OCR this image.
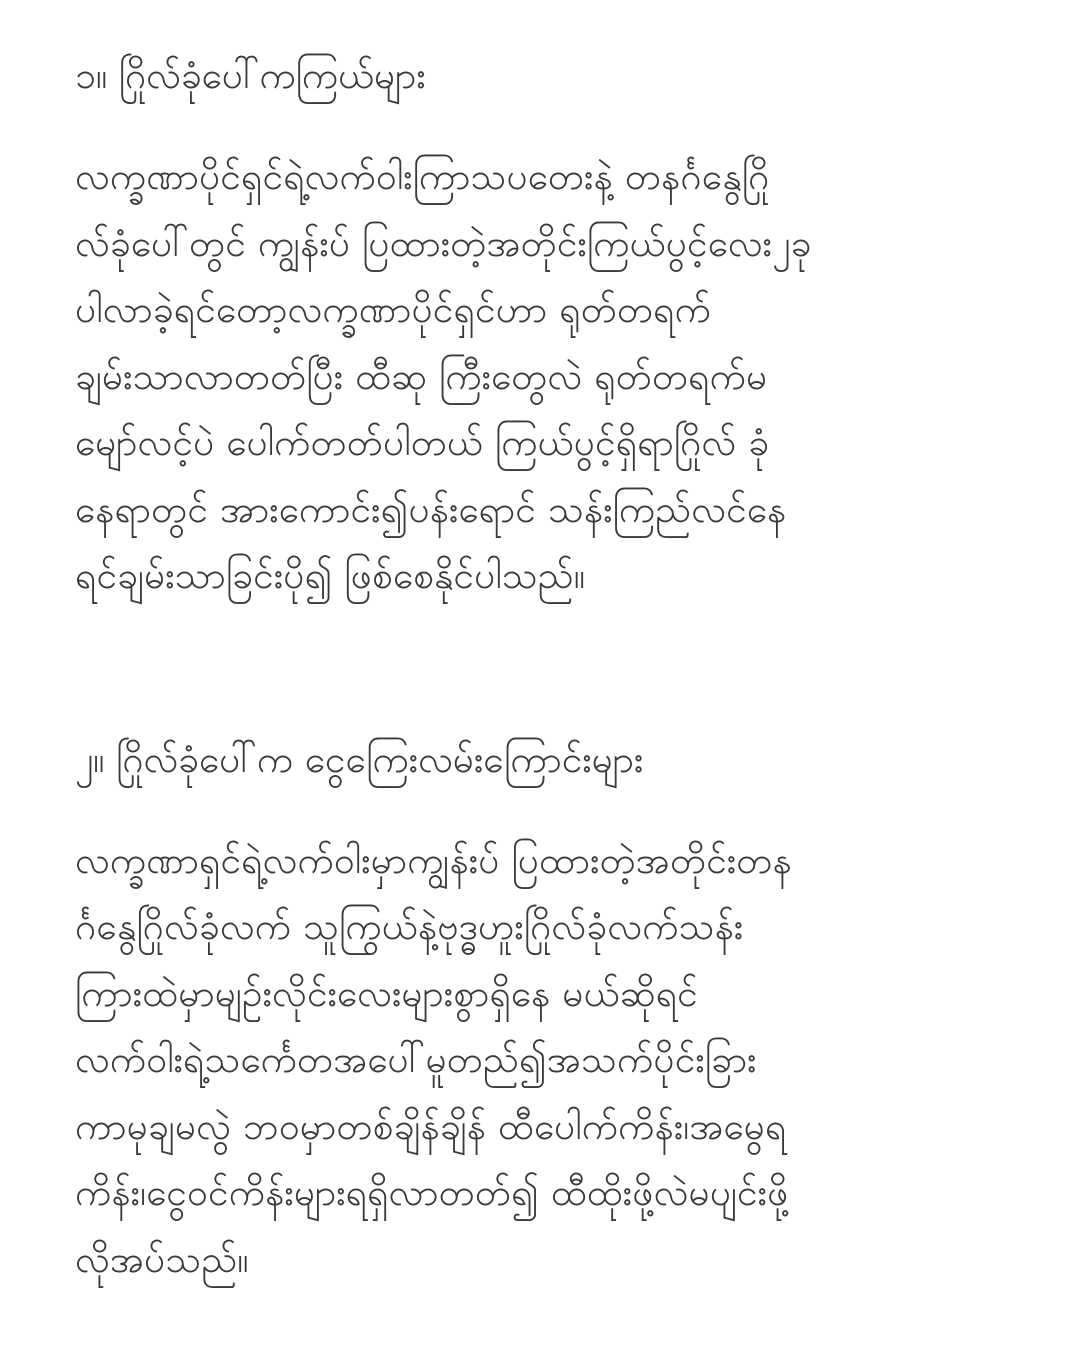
၁။ ဂြိုလ်ခုံပေါ်ကကြယ်များ
လက္ခဏာပိုင်ရှင်ရဲ့လက်ဝါးကြာသပတေးနဲ့ တနင်္ဂနွေဂြို
လ်ခုံပေါ်တွင် ကျွန်းပ် ပြထားတဲ့အတိုင်းကြယ်ပွင့်လေး၂ခု
ပါလာခဲ့ရင်တော့လက္ခဏာပိုင်ရှင်ဟာ ရုတ်တရက်
ချမ်းသာလာတတ်ပြီး ထီဆု ကြီးတွေလဲ ရုတ်တရက်မ
မျော်လင့်ပဲ ပေါက်တတ်ပါတယ် ကြယ်ပွင့်ရှိရာဂြိုလ် ခုံ
နေရာတွင် အားကောင်း၍ပန်းရောင် သန်းကြည်လင်နေ
ရင်ချမ်းသာခြင်းပို၍ ဖြစ်စေနိုင်ပါသည်။
၂။ ဂြိုလ်ခုံပေါ်က ငွေကြေးလမ်းကြောင်းများ
လက္ခဏာရှင်ရဲ့လက်ဝါးမှာကျွန်းပ် ပြထားတဲ့အတိုင်းတန
င်္ဂနွေဂြိုလ်ခုံလက် သူကြွယ်နဲ့ဗုဒ္ဓဟူးဂြိုလ်ခုံလက်သန်း
ကြားထဲမှာမျဉ်းလိုင်းလေးများစွာရှိနေ မယ်ဆိုရင်
လက်ဝါးရဲ့သင်္ကေတအပေါ်မူတည်၍အသက်ပိုင်းခြား
ကာမုချမလွဲ ဘဝမှာတစ်ချိန်ချိန် ထီပေါက်ကိန်း၊အမွေရ
ကိန်း၊ငွေဝင်ကိန်းများရရှိလာတတ်၍ ထီထိုးဖို့လဲမပျင်းဖို့
လိုအပ်သည်။
